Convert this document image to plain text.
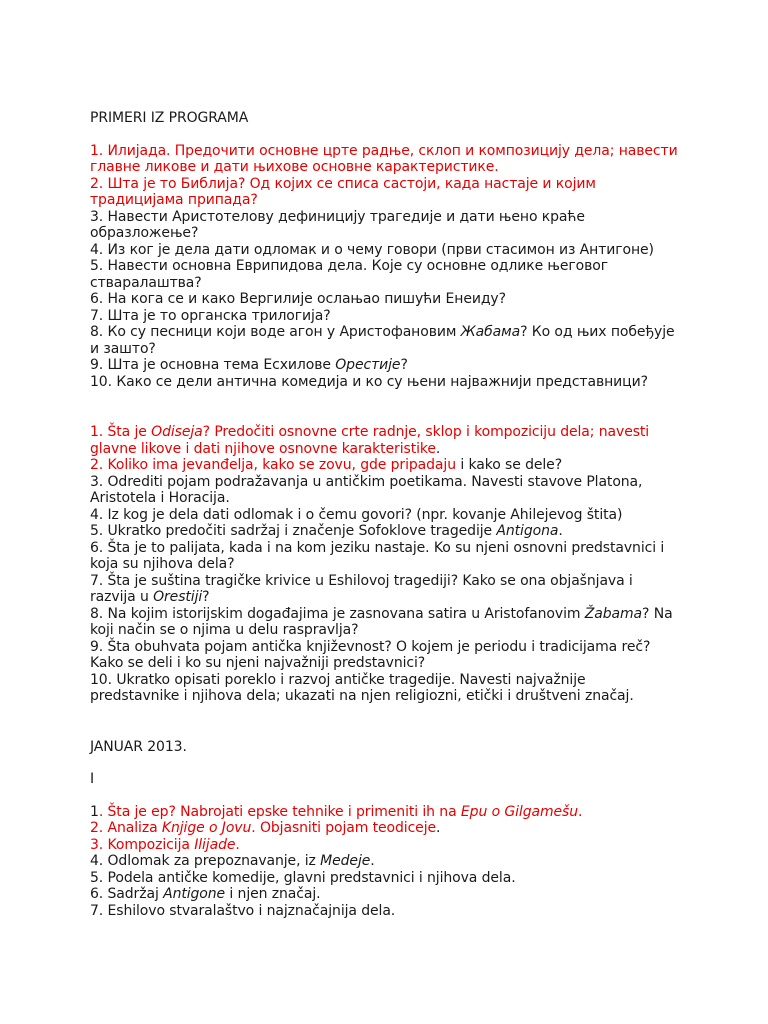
PRIMERI IZ PROGRAMA
1. Илијада. Предочити основне црте радње, склоп и композицију дела; навести
главне ликове и дати њихове основне карактеристике.
2. Шта је то Библија? Од којих се списа састоји, када настаје и којим
традицијама припада?
3. Навести Аристотелову дефиницију трагедије и дати њено краће
образложење?
4. Из ког је дела дати одломак и о чему говори (први стасимон из Антигоне)
5. Навести основна Еврипидова дела. Које су основне одлике његовог
стваралаштва?
6. На кога се и како Вергилије ослањао пишући Енеиду?
7. Шта је то органска трилогија?
8. Ко су песници који воде агон у Аристофановим Жабама? Ко од њих побеђује
и зашто?
9. Шта је основна тема Есхилове Орестије?
10. Како се дели антична комедија и ко су њени најважнији представници?
1. Šta je Odiseja? Predočiti osnovne crte radnje, sklop i kompoziciju dela; navesti
glavne likove i dati njihove osnovne karakteristike.
2. Koliko ima jevanđelja, kako se zovu, gde pripadaju i kako se dele?
3. Odrediti pojam podražavanja u antičkim poetikama. Navesti stavove Platona,
Aristotela i Horacija.
4. Iz kog je dela dati odlomak i o čemu govori? (npr. kovanje Ahilejevog štita)
5. Ukratko predočiti sadržaj i značenje Sofoklove tragedije Antigona.
6. Šta je to palijata, kada i na kom jeziku nastaje. Ko su njeni osnovni predstavnici i
koja su njihova dela?
7. Šta je suština tragičke krivice u Eshilovoj tragediji? Kako se ona objašnjava i
razvija u Orestiji?
8. Na kojim istorijskim događajima je zasnovana satira u Aristofanovim Žabama? Na
koji način se o njima u delu raspravlja?
9. Šta obuhvata pojam antička književnost? O kojem je periodu i tradicijama reč?
Kako se deli i ko su njeni najvažniji predstavnici?
10. Ukratko opisati poreklo i razvoj antičke tragedije. Navesti najvažnije
predstavnike i njihova dela; ukazati na njen religiozni, etički i društveni značaj.
JANUAR 2013.
I
1. Šta je ep? Nabrojati epske tehnike i primeniti ih na Epu o Gilgamešu.
2. Analiza Knjige o Jovu. Objasniti pojam teodiceje.
3. Kompozicija Ilijade.
4. Odlomak za prepoznavanje, iz Medeje.
5. Podela antičke komedije, glavni predstavnici i njihova dela.
6. Sadržaj Antigone i njen značaj.
7. Eshilovo stvaralaštvo i najznačajnija dela.
